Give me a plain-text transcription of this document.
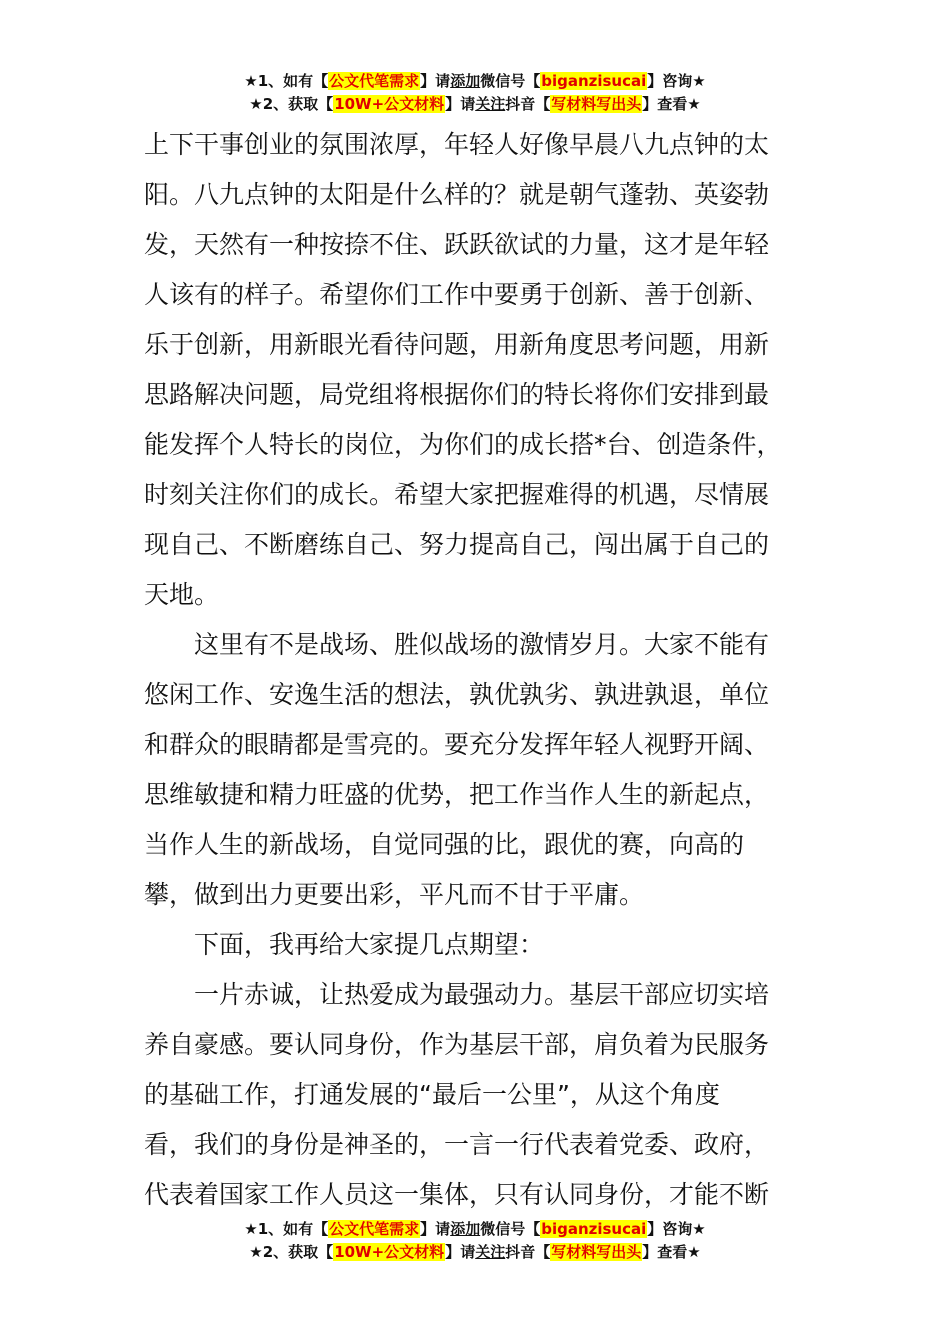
★1、如有【公文代笔需求】请添加微信号【biganzisucai】咨询★
★2、获取【10W+公文材料】请关注抖音【写材料写出头】查看★
上下干事创业的氛围浓厚，年轻人好像早晨八九点钟的太
阳。八九点钟的太阳是什么样的？就是朝气蓬勃、英姿勃
发，天然有一种按捺不住、跃跃欲试的力量，这才是年轻
人该有的样子。希望你们工作中要勇于创新、善于创新、
乐于创新，用新眼光看待问题，用新角度思考问题，用新
思路解决问题，局党组将根据你们的特长将你们安排到最
能发挥个人特长的岗位，为你们的成长搭*台、创造条件，
时刻关注你们的成长。希望大家把握难得的机遇，尽情展
现自己、不断磨练自己、努力提高自己，闯出属于自己的
天地。
这里有不是战场、胜似战场的激情岁月。大家不能有
悠闲工作、安逸生活的想法，孰优孰劣、孰进孰退，单位
和群众的眼睛都是雪亮的。要充分发挥年轻人视野开阔、
思维敏捷和精力旺盛的优势，把工作当作人生的新起点，
当作人生的新战场，自觉同强的比，跟优的赛，向高的
攀，做到出力更要出彩，平凡而不甘于平庸。
下面，我再给大家提几点期望：
一片赤诚，让热爱成为最强动力。基层干部应切实培
养自豪感。要认同身份，作为基层干部，肩负着为民服务
的基础工作，打通发展的“最后一公里”，从这个角度
看，我们的身份是神圣的，一言一行代表着党委、政府，
代表着国家工作人员这一集体，只有认同身份，才能不断
★1、如有【公文代笔需求】请添加微信号【biganzisucai】咨询★
★2、获取【10W+公文材料】请关注抖音【写材料写出头】查看★
